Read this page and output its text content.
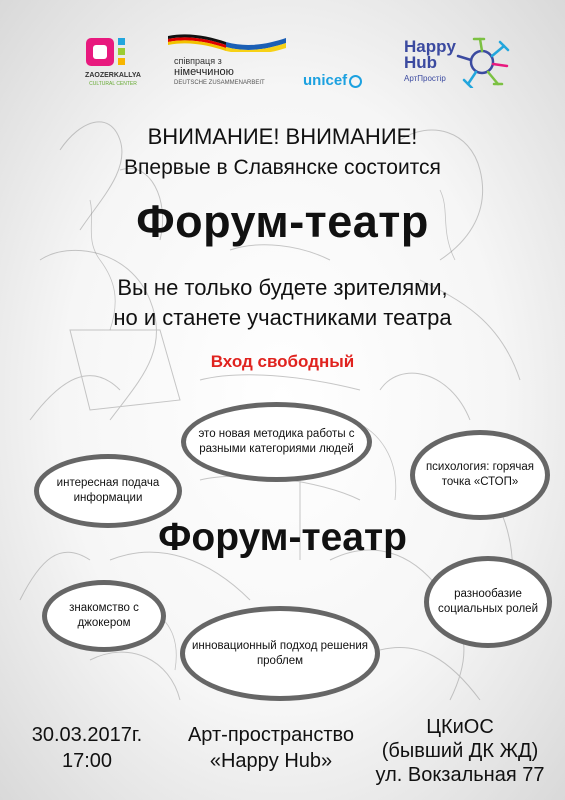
ZAOZERKALLYA
CULTURAL CENTER
співпраця з
німеччиною
DEUTSCHE ZUSAMMENARBEIT	unicef
Happy
Hub
АртПростір
ВНИМАНИЕ! ВНИМАНИЕ!
Впервые в Славянске состоится
Форум-театр
Вы не только будете зрителями,
но и станете участниками театра
Вход свободный
это новая методика работы с разными категориями людей
психология: горячая точка «СТОП»
интересная подача информации
знакомство с джокером
разнообазие социальных ролей
инновационный подход решения проблем
Форум-театр
30.03.2017г.
17:00
Арт-пространство
«Happy Hub»
ЦКиОС
(бывший ДК ЖД)
ул. Вокзальная 77
